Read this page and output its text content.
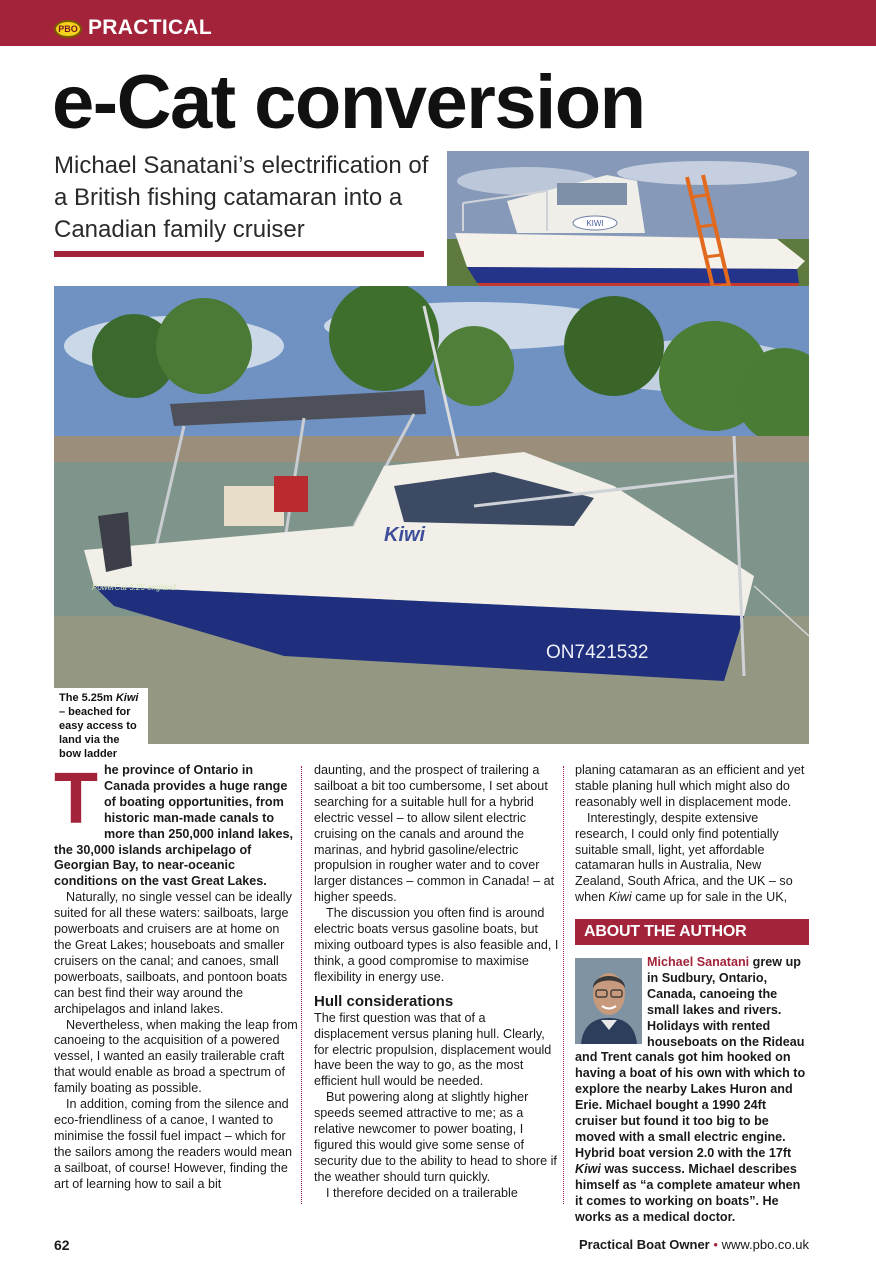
PBO PRACTICAL
e-Cat conversion
Michael Sanatani’s electrification of a British fishing catamaran into a Canadian family cruiser	KIWI
Kiwi
PowerCat 5.25 england
ON7421532
The 5.25m Kiwi – beached for easy access to land via the bow ladder
T he province of Ontario in Canada provides a huge range of boating opportunities, from historic man-made canals to more than 250,000 inland lakes, the 30,000 islands archipelago of Georgian Bay, to near-oceanic conditions on the vast Great Lakes.

Naturally, no single vessel can be ideally suited for all these waters: sailboats, large powerboats and cruisers are at home on the Great Lakes; houseboats and smaller cruisers on the canal; and canoes, small powerboats, sailboats, and pontoon boats can best find their way around the archipelagos and inland lakes.

Nevertheless, when making the leap from canoeing to the acquisition of a powered vessel, I wanted an easily trailerable craft that would enable as broad a spectrum of family boating as possible.

In addition, coming from the silence and eco-friendliness of a canoe, I wanted to minimise the fossil fuel impact – which for the sailors among the readers would mean a sailboat, of course! However, finding the art of learning how to sail a bit

daunting, and the prospect of trailering a sailboat a bit too cumbersome, I set about searching for a suitable hull for a hybrid electric vessel – to allow silent electric cruising on the canals and around the marinas, and hybrid gasoline/electric propulsion in rougher water and to cover larger distances – common in Canada! – at higher speeds.

The discussion you often find is around electric boats versus gasoline boats, but mixing outboard types is also feasible and, I think, a good compromise to maximise flexibility in energy use.

Hull considerations

The first question was that of a displacement versus planing hull. Clearly, for electric propulsion, displacement would have been the way to go, as the most efficient hull would be needed.

But powering along at slightly higher speeds seemed attractive to me; as a relative newcomer to power boating, I figured this would give some sense of security due to the ability to head to shore if the weather should turn quickly.

I therefore decided on a trailerable

planing catamaran as an efficient and yet stable planing hull which might also do reasonably well in displacement mode.

Interestingly, despite extensive research, I could only find potentially suitable small, light, yet affordable catamaran hulls in Australia, New Zealand, South Africa, and the UK – so when Kiwi came up for sale in the UK,

ABOUT THE AUTHOR
Michael Sanatani grew up in Sudbury, Ontario, Canada, canoeing the small lakes and rivers. Holidays with rented houseboats on the Rideau and Trent canals got him hooked on having a boat of his own with which to explore the nearby Lakes Huron and Erie. Michael bought a 1990 24ft cruiser but found it too big to be moved with a small electric engine. Hybrid boat version 2.0 with the 17ft Kiwi was success. Michael describes himself as “a complete amateur when it comes to working on boats”. He works as a medical doctor.
62	Practical Boat Owner • www.pbo.co.uk
